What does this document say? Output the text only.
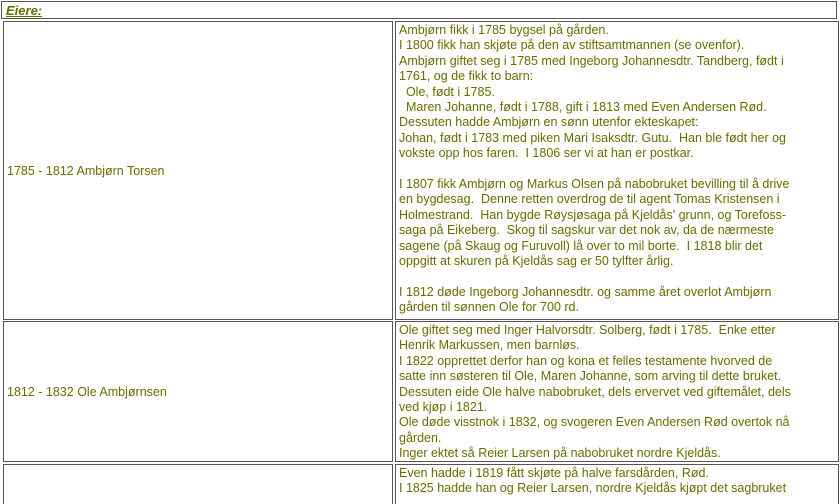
Eiere:
1785 - 1812 Ambjørn Torsen

Ambjørn fikk i 1785 bygsel på gården.

I 1800 fikk han skjøte på den av stiftsamtmannen (se ovenfor).

Ambjørn giftet seg i 1785 med Ingeborg Johannesdtr. Tandberg, født i

1761, og de fikk to barn:

Ole, født i 1785.

Maren Johanne, født i 1788, gift i 1813 med Even Andersen Rød.

Dessuten hadde Ambjørn en sønn utenfor ekteskapet:

Johan, født i 1783 med piken Mari Isaksdtr. Gutu.  Han ble født her og

vokste opp hos faren.  I 1806 ser vi at han er postkar.

I 1807 fikk Ambjørn og Markus Olsen på nabobruket bevilling til å drive

en bygdesag.  Denne retten overdrog de til agent Tomas Kristensen i

Holmestrand.  Han bygde Røysjøsaga på Kjeldås' grunn, og Torefoss-

saga på Eikeberg.  Skog til sagskur var det nok av, da de nærmeste

sagene (på Skaug og Furuvoll) lå over to mil borte.  I 1818 blir det

oppgitt at skuren på Kjeldås sag er 50 tylfter årlig.

I 1812 døde Ingeborg Johannesdtr. og samme året overlot Ambjørn

gården til sønnen Ole for 700 rd.

1812 - 1832 Ole Ambjørnsen

Ole giftet seg med Inger Halvorsdtr. Solberg, født i 1785.  Enke etter

Henrik Markussen, men barnløs.

I 1822 opprettet derfor han og kona et felles testamente hvorved de

satte inn søsteren til Ole, Maren Johanne, som arving til dette bruket.

Dessuten eide Ole halve nabobruket, dels ervervet ved giftemålet, dels

ved kjøp i 1821.

Ole døde visstnok i 1832, og svogeren Even Andersen Rød overtok nå

gården.

Inger ektet så Reier Larsen på nabobruket nordre Kjeldås.

Even hadde i 1819 fått skjøte på halve farsdården, Rød.

I 1825 hadde han og Reier Larsen, nordre Kjeldås kjøpt det sagbruket
